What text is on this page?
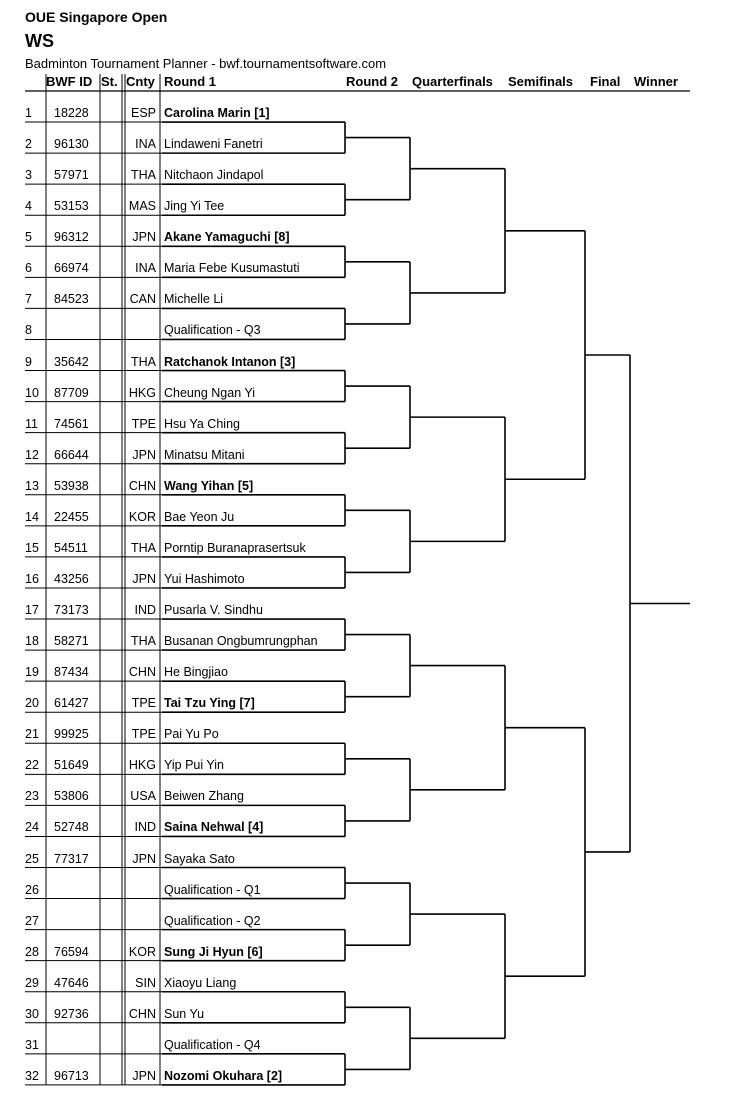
OUE Singapore Open
WS
Badminton Tournament Planner - bwf.tournamentsoftware.com
BWF ID St. Cnty Round 1	Round 2 Quarterfinals Semifinals Final Winner
1 18228	ESP Carolina Marin [1]
2 96130	INA Lindaweni Fanetri
3 57971	THA Nitchaon Jindapol
4 53153	MAS Jing Yi Tee
5 96312	JPN Akane Yamaguchi [8]
6 66974	INA Maria Febe Kusumastuti
7 84523	CAN Michelle Li
8	Qualification - Q3
9 35642	THA Ratchanok Intanon [3]
10 87709	HKG Cheung Ngan Yi
11 74561	TPE Hsu Ya Ching
12 66644	JPN Minatsu Mitani
13 53938	CHN Wang Yihan [5]
14 22455	KOR Bae Yeon Ju
15 54511	THA Porntip Buranaprasertsuk
16 43256	JPN Yui Hashimoto
17 73173	IND Pusarla V. Sindhu
18 58271	THA Busanan Ongbumrungphan
19 87434	CHN He Bingjiao
20 61427	TPE Tai Tzu Ying [7]
21 99925	TPE Pai Yu Po
22 51649	HKG Yip Pui Yin
23 53806	USA Beiwen Zhang
24 52748	IND Saina Nehwal [4]
25 77317	JPN Sayaka Sato
26	Qualification - Q1
27	Qualification - Q2
28 76594	KOR Sung Ji Hyun [6]
29 47646	SIN Xiaoyu Liang
30 92736	CHN Sun Yu
31	Qualification - Q4
32 96713	JPN Nozomi Okuhara [2]
